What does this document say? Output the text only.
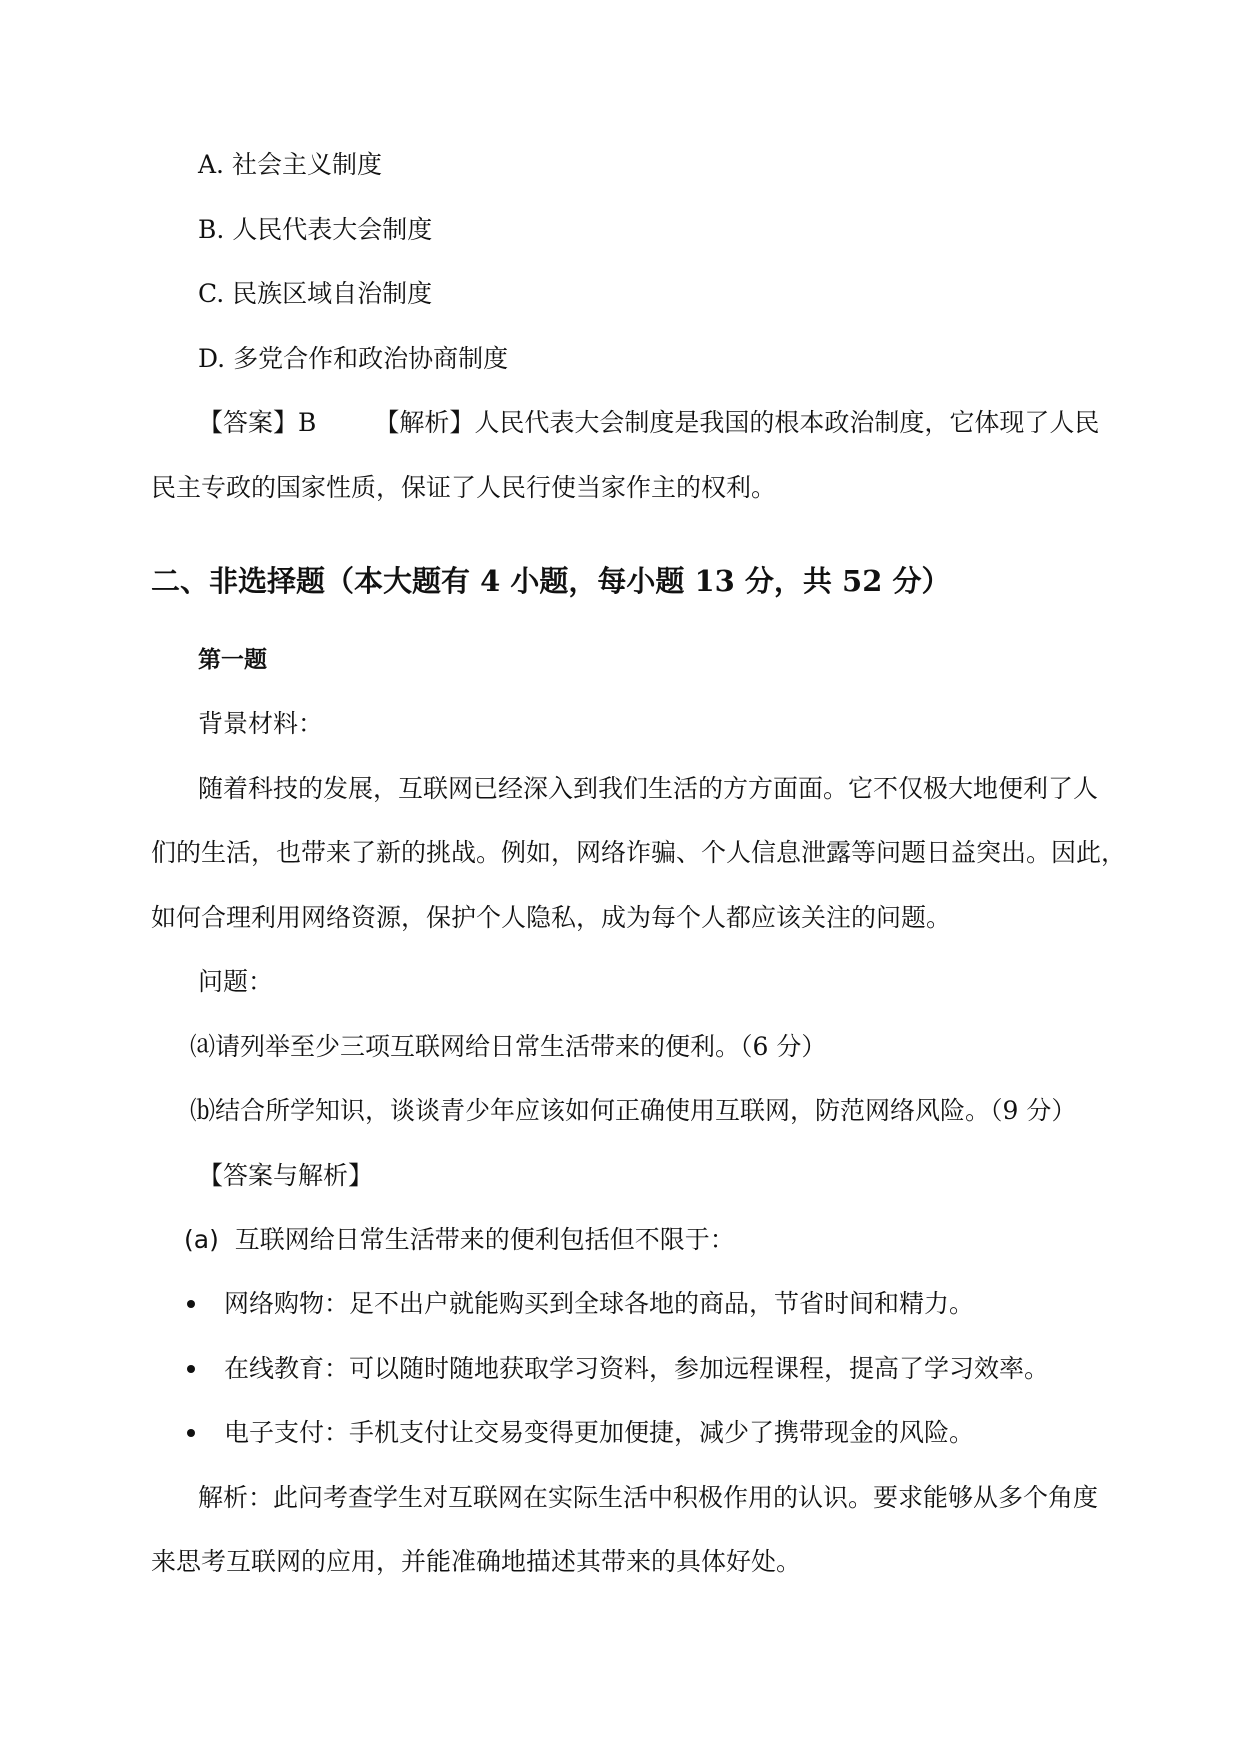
A. 社会主义制度
B. 人民代表大会制度
C. 民族区域自治制度
D. 多党合作和政治协商制度
【答案】B 【解析】人民代表大会制度是我国的根本政治制度，它体现了人民
民主专政的国家性质，保证了人民行使当家作主的权利。
二、非选择题（本大题有 4 小题，每小题 13 分，共 52 分）
第一题
背景材料：
随着科技的发展，互联网已经深入到我们生活的方方面面。它不仅极大地便利了人
们的生活，也带来了新的挑战。例如，网络诈骗、个人信息泄露等问题日益突出。因此，
如何合理利用网络资源，保护个人隐私，成为每个人都应该关注的问题。
问题：
⒜请列举至少三项互联网给日常生活带来的便利。（6 分）
⒝结合所学知识，谈谈青少年应该如何正确使用互联网，防范网络风险。（9 分）
【答案与解析】
(a) 互联网给日常生活带来的便利包括但不限于：
网络购物：足不出户就能购买到全球各地的商品，节省时间和精力。
在线教育：可以随时随地获取学习资料，参加远程课程，提高了学习效率。
电子支付：手机支付让交易变得更加便捷，减少了携带现金的风险。
解析：此问考查学生对互联网在实际生活中积极作用的认识。要求能够从多个角度
来思考互联网的应用，并能准确地描述其带来的具体好处。
